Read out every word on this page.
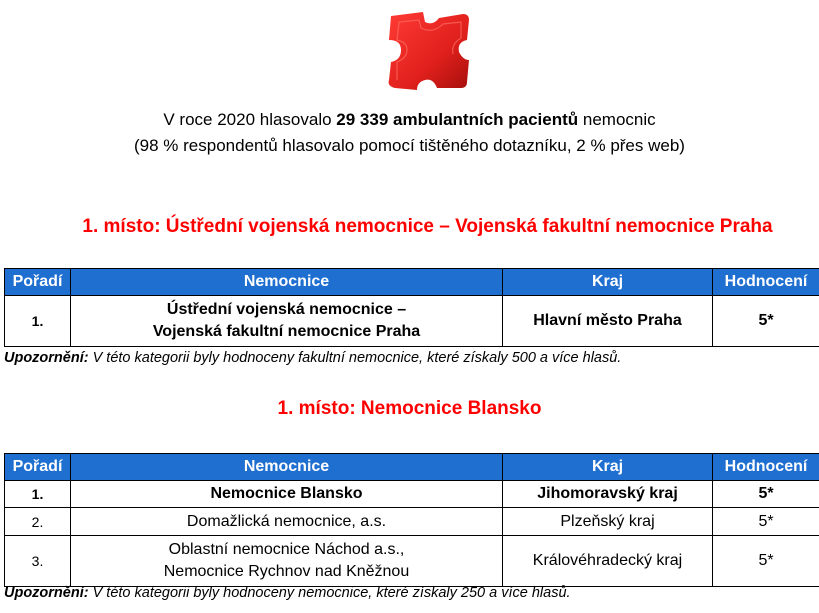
V roce 2020 hlasovalo 29 339 ambulantních pacientů nemocnic
(98 % respondentů hlasovalo pomocí tištěného dotazníku, 2 % přes web)
1. místo: Ústřední vojenská nemocnice – Vojenská fakultní nemocnice Praha
Pořadí	Nemocnice	Kraj	Hodnocení
1.	Ústřední vojenská nemocnice –
Vojenská fakultní nemocnice Praha	Hlavní město Praha	5*
Upozornění: V této kategorii byly hodnoceny fakultní nemocnice, které získaly 500 a více hlasů.
1. místo: Nemocnice Blansko
Pořadí	Nemocnice	Kraj	Hodnocení
1.	Nemocnice Blansko	Jihomoravský kraj	5*
2.	Domažlická nemocnice, a.s.	Plzeňský kraj	5*
3.	Oblastní nemocnice Náchod a.s.,
Nemocnice Rychnov nad Kněžnou	Královéhradecký kraj	5*
Upozornění: V této kategorii byly hodnoceny nemocnice, které získaly 250 a více hlasů.
